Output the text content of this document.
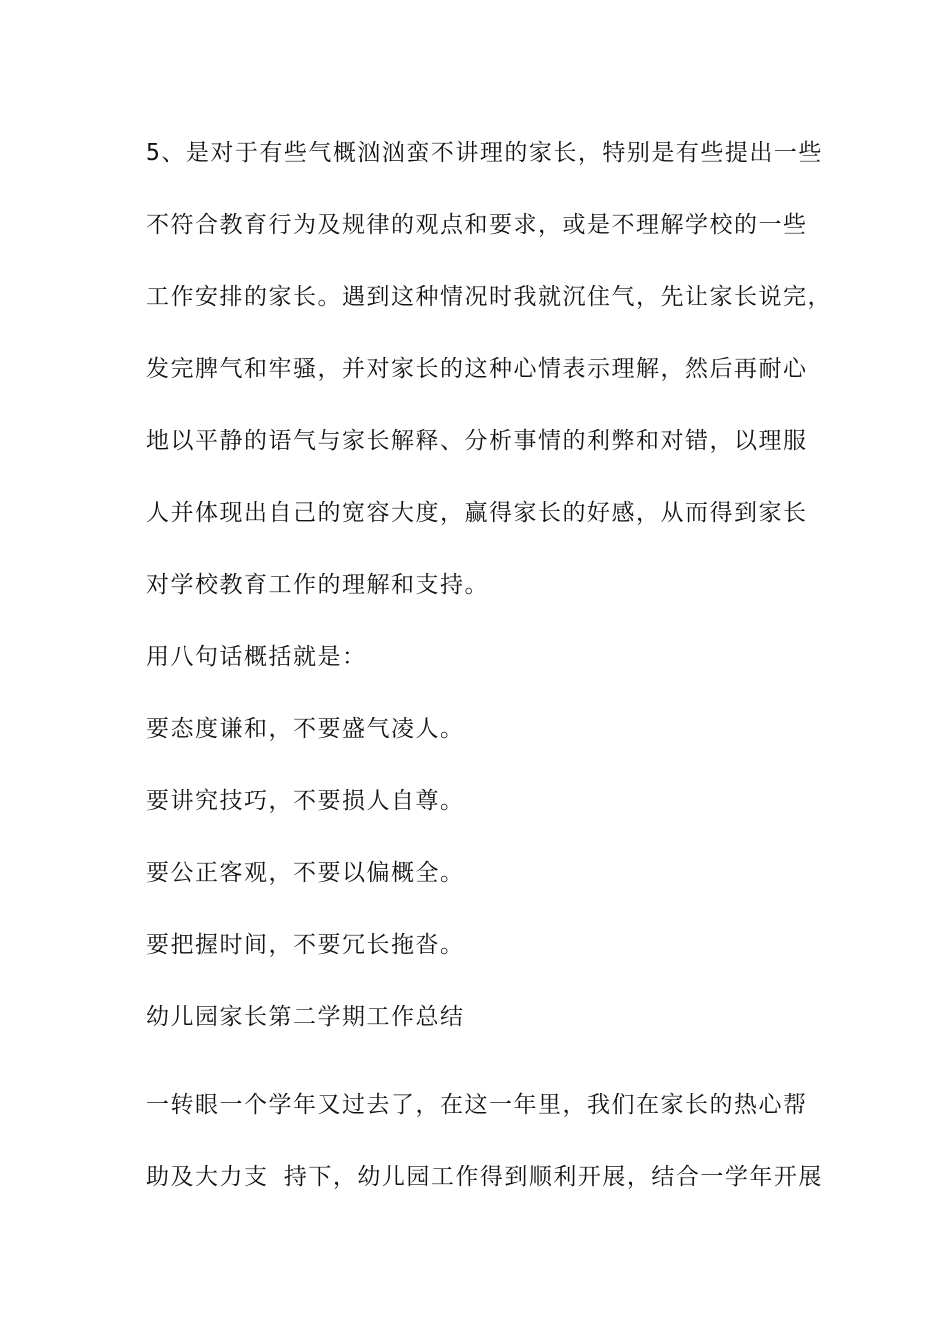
5、是对于有些气概汹汹蛮不讲理的家长，特别是有些提出一些
不符合教育行为及规律的观点和要求，或是不理解学校的一些
工作安排的家长。遇到这种情况时我就沉住气，先让家长说完，
发完脾气和牢骚，并对家长的这种心情表示理解，然后再耐心
地以平静的语气与家长解释、分析事情的利弊和对错，以理服
人并体现出自己的宽容大度，赢得家长的好感，从而得到家长
对学校教育工作的理解和支持。
用八句话概括就是：
要态度谦和，不要盛气凌人。
要讲究技巧，不要损人自尊。
要公正客观，不要以偏概全。
要把握时间，不要冗长拖沓。
幼儿园家长第二学期工作总结
一转眼一个学年又过去了，在这一年里，我们在家长的热心帮
助及大力支 持下，幼儿园工作得到顺利开展，结合一学年开展
